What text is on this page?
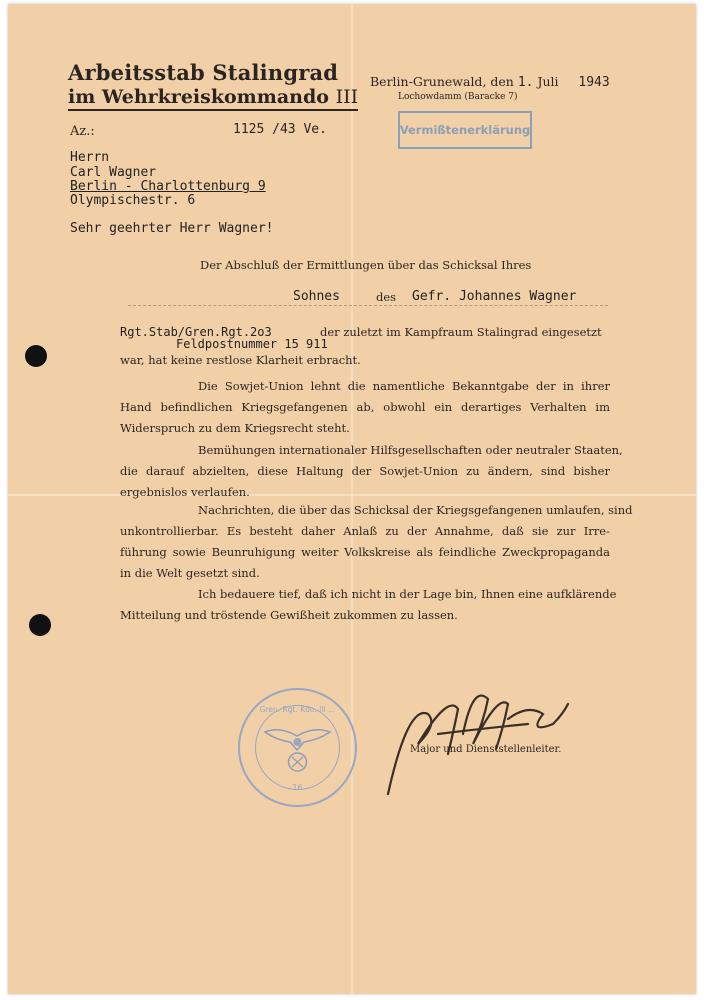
Arbeitsstab Stalingrad
im Wehrkreiskommando III
Berlin-Grunewald, den 1. Juli 1943
Lochowdamm (Baracke 7)
Az.:	1125 /43 Ve.	Vermißtenerklärung
Herrn
Carl Wagner
Berlin - Charlottenburg 9
Olympischestr. 6
Sehr geehrter Herr Wagner!
Der Abschluß der Ermittlungen über das Schicksal Ihres
Sohnes	des Gefr. Johannes Wagner
Rgt.Stab/Gren.Rgt.2o3
Feldpostnummer 15 911
der zuletzt im Kampfraum Stalingrad eingesetzt
war, hat keine restlose Klarheit erbracht.
Die Sowjet-Union lehnt die namentliche Bekanntgabe der in ihrer
Hand befindlichen Kriegsgefangenen ab, obwohl ein derartiges Verhalten im
Widerspruch zu dem Kriegsrecht steht.
Bemühungen internationaler Hilfsgesellschaften oder neutraler Staaten,
die darauf abzielten, diese Haltung der Sowjet-Union zu ändern, sind bisher
ergebnislos verlaufen.
Nachrichten, die über das Schicksal der Kriegsgefangenen umlaufen, sind
unkontrollierbar. Es besteht daher Anlaß zu der Annahme, daß sie zur Irre-
führung sowie Beunruhigung weiter Volkskreise als feindliche Zweckpropaganda
in die Welt gesetzt sind.
Ich bedauere tief, daß ich nicht in der Lage bin, Ihnen eine aufklärende
Mitteilung und tröstende Gewißheit zukommen zu lassen.
16
Gren. Rgt. Kdo. III ...
Major und Dienststellenleiter.
